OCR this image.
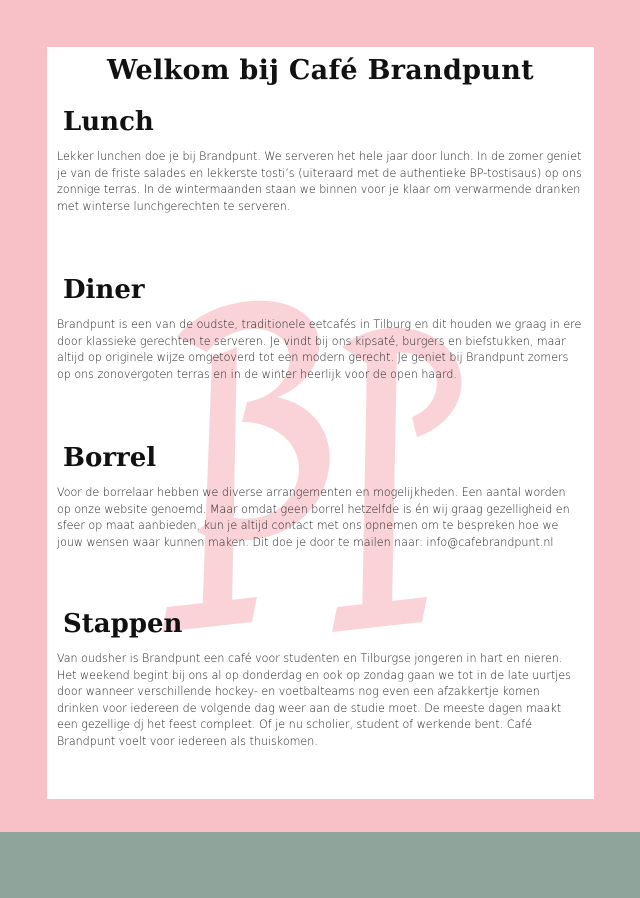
Welkom bij Café Brandpunt
Lunch

Lekker lunchen doe je bij Brandpunt. We serveren het hele jaar door lunch. In de zomer geniet je van de friste salades en lekkerste tosti’s (uiteraard met de authentieke BP-tostisaus) op ons zonnige terras. In de wintermaanden staan we binnen voor je klaar om verwarmende dranken met winterse lunchgerechten te serveren.

Diner

Brandpunt is een van de oudste, traditionele eetcafés in Tilburg en dit houden we graag in ere door klassieke gerechten te serveren. Je vindt bij ons kipsaté, burgers en biefstukken, maar altijd op originele wijze omgetoverd tot een modern gerecht. Je geniet bij Brandpunt zomers op ons zonovergoten terras en in de winter heerlijk voor de open haard.

Borrel

Voor de borrelaar hebben we diverse arrangementen en mogelijkheden. Een aantal worden op onze website genoemd. Maar omdat geen borrel hetzelfde is én wij graag gezelligheid en sfeer op maat aanbieden, kun je altijd contact met ons opnemen om te bespreken hoe we jouw wensen waar kunnen maken. Dit doe je door te mailen naar: info@cafebrandpunt.nl

Stappen

Van oudsher is Brandpunt een café voor studenten en Tilburgse jongeren in hart en nieren. Het weekend begint bij ons al op donderdag en ook op zondag gaan we tot in de late uurtjes door wanneer verschillende hockey- en voetbalteams nog even een afzakkertje komen drinken voor iedereen de volgende dag weer aan de studie moet. De meeste dagen maakt een gezellige dj het feest compleet. Of je nu scholier, student of werkende bent. Café Brandpunt voelt voor iedereen als thuiskomen.
